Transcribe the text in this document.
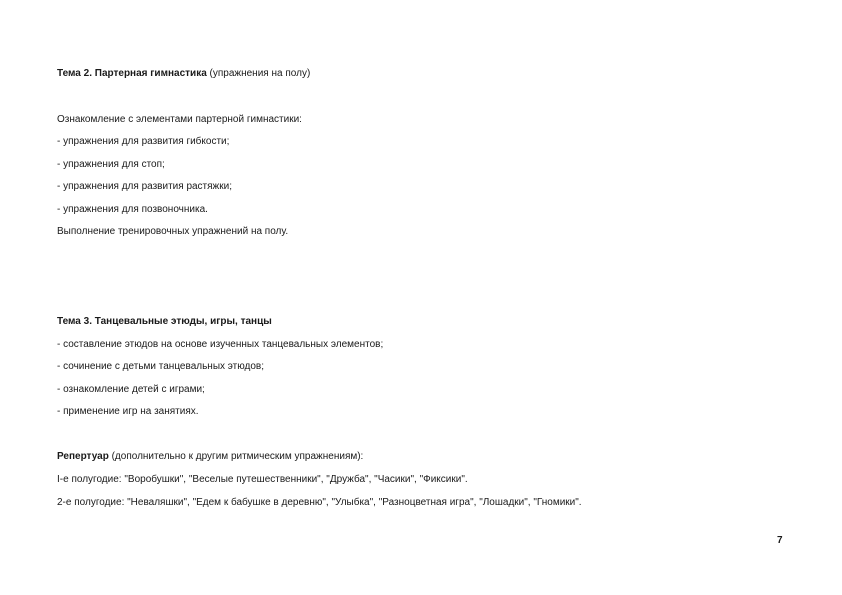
Тема 2. Партерная гимнастика (упражнения на полу)
Ознакомление с элементами партерной гимнастики:
- упражнения для развития гибкости;
- упражнения для стоп;
- упражнения для развития растяжки;
- упражнения для позвоночника.
Выполнение тренировочных упражнений на полу.
Тема 3. Танцевальные этюды, игры, танцы
- составление этюдов на основе изученных танцевальных элементов;
- сочинение с детьми танцевальных этюдов;
- ознакомление детей с играми;
- применение игр на занятиях.
Репертуар (дополнительно к другим ритмическим упражнениям):
I-е полугодие: "Воробушки", "Веселые путешественники", "Дружба", "Часики", "Фиксики".
2-е полугодие: "Неваляшки", "Едем к бабушке в деревню", "Улыбка", "Разноцветная игра", "Лошадки", "Гномики".
7
